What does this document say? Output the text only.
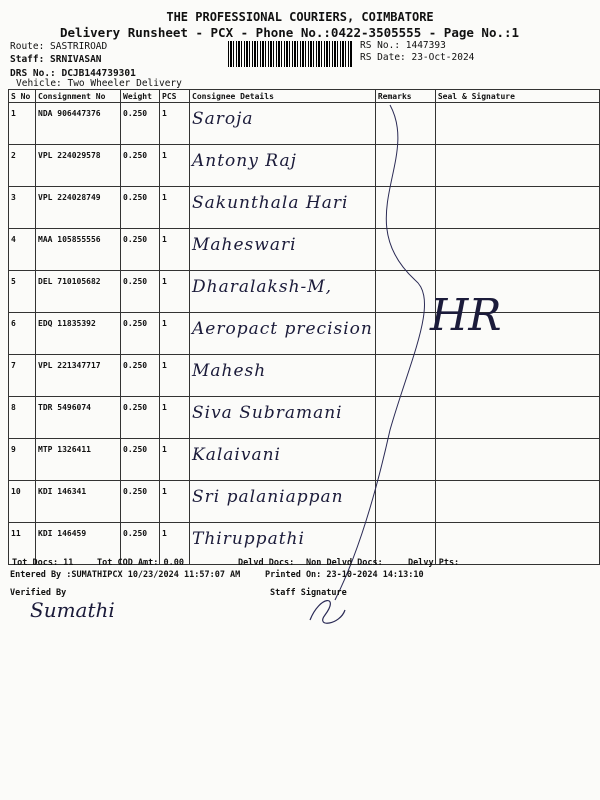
THE PROFESSIONAL COURIERS, COIMBATORE
Delivery Runsheet - PCX - Phone No.:0422-3505555 - Page No.:1
Route: SASTRIROAD
Staff: SRNIVASAN
DRS No.: DCJB144739301
Vehicle: Two Wheeler Delivery
RS No.: 1447393
RS Date: 23-Oct-2024
S No	Consignment No	Weight	PCS	Consignee Details	Remarks	Seal & Signature
1	NDA 906447376	0.250	1	Saroja		
2	VPL 224029578	0.250	1	Antony Raj		
3	VPL 224028749	0.250	1	Sakunthala Hari		
4	MAA 105855556	0.250	1	Maheswari		
5	DEL 710105682	0.250	1	Dharalaksh-M,		
6	EDQ 11835392	0.250	1	Aeropact precision		
7	VPL 221347717	0.250	1	Mahesh		
8	TDR 5496074	0.250	1	Siva Subramani		
9	MTP 1326411	0.250	1	Kalaivani		
10	KDI 146341	0.250	1	Sri palaniappan		
11	KDI 146459	0.250	1	Thiruppathi		
HR
Tot Docs: 11	Tot COD Amt: 0.00	Delvd Docs: Non Delvd Docs:	Delvy Pts:
Entered By :SUMATHIPCX 10/23/2024 11:57:07 AM	Printed On: 23-10-2024 14:13:10
Verified By	Staff Signature
Sumathi
